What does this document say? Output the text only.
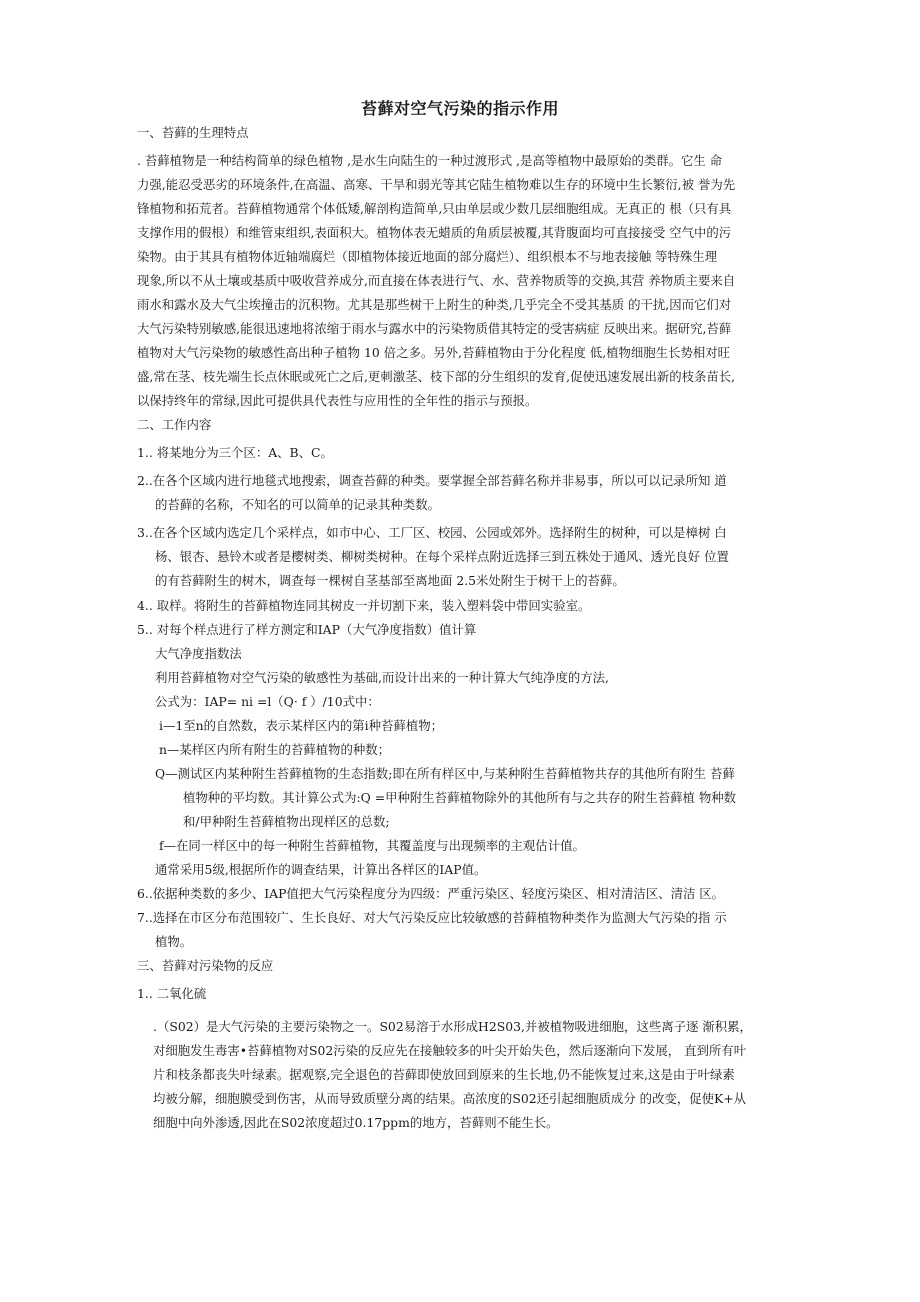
苔藓对空气污染的指示作用
一、苔藓的生理特点
. 苔藓植物是一种结构简单的绿色植物 ,是水生向陆生的一种过渡形式 ,是高等植物中最原始的类群。它生 命
力强,能忍受恶劣的环境条件,在高温、高寒、干旱和弱光等其它陆生植物难以生存的环境中生长繁衍,被 誉为先
锋植物和拓荒者。苔藓植物通常个体低矮,解剖构造简单,只由单层或少数几层细胞组成。无真正的 根（只有具
支撑作用的假根）和维管束组织,表面积大。植物体表无蜡质的角质层被覆,其背腹面均可直接接受 空气中的污
染物。由于其具有植物体近轴端腐烂（即植物体接近地面的部分腐烂）、组织根本不与地表接触 等特殊生理
现象,所以不从土壤或基质中吸收营养成分,而直接在体表进行气、水、营养物质等的交换,其营 养物质主要来自
雨水和露水及大气尘埃撞击的沉积物。尤其是那些树干上附生的种类,几乎完全不受其基质 的干扰,因而它们对
大气污染特别敏感,能很迅速地将浓缩于雨水与露水中的污染物质借其特定的受害病症 反映出来。据研究,苔藓
植物对大气污染物的敏感性高出种子植物 10 倍之多。另外,苔藓植物由于分化程度 低,植物细胞生长势相对旺
盛,常在茎、枝先端生长点休眠或死亡之后,更刺激茎、枝下部的分生组织的发育,促使迅速发展出新的枝条苗长,
以保持终年的常绿,因此可提供具代表性与应用性的全年性的指示与预报。
二、工作内容
1.. 将某地分为三个区：A、B、C。
2..在各个区域内进行地毯式地搜索，调查苔藓的种类。要掌握全部苔藓名称并非易事，所以可以记录所知 道
的苔藓的名称，不知名的可以简单的记录其种类数。
3..在各个区域内选定几个采样点，如市中心、工厂区、校园、公园或郊外。选择附生的树种，可以是樟树 白
杨、银杏、悬铃木或者是樱树类、柳树类树种。在每个采样点附近选择三到五株处于通风、透光良好 位置
的有苔藓附生的树木，调查每一棵树自茎基部至离地面 2.5米处附生于树干上的苔藓。
4.. 取样。将附生的苔藓植物连同其树皮一并切割下来，装入塑料袋中带回实验室。
5.. 对每个样点进行了样方测定和IAP（大气净度指数）值计算
大气净度指数法
利用苔藓植物对空气污染的敏感性为基础,而设计出来的一种计算大气纯净度的方法,
公式为：IAP= ni =l（Q· f ）/10式中：
i—1至n的自然数，表示某样区内的第i种苔藓植物；
n—某样区内所有附生的苔藓植物的种数；
Q—测试区内某种附生苔藓植物的生态指数;即在所有样区中,与某种附生苔藓植物共存的其他所有附生 苔藓
植物种的平均数。其计算公式为:Q =甲种附生苔藓植物除外的其他所有与之共存的附生苔藓植 物种数
和/甲种附生苔藓植物出现样区的总数;
f—在同一样区中的每一种附生苔藓植物，其覆盖度与出现频率的主观估计值。
通常采用5级,根据所作的调查结果，计算出各样区的IAP值。
6..依据种类数的多少、IAP值把大气污染程度分为四级：严重污染区、轻度污染区、相对清洁区、清洁 区。
7..选择在市区分布范围较广、生长良好、对大气污染反应比较敏感的苔藓植物种类作为监测大气污染的指 示
植物。
三、苔藓对污染物的反应
1.. 二氧化硫
.（S02）是大气污染的主要污染物之一。S02易溶于水形成H2S03,并被植物吸进细胞，这些离子逐 渐积累，
对细胞发生毒害•苔藓植物对S02污染的反应先在接触较多的叶尖开始失色，然后逐渐向下发展， 直到所有叶
片和枝条都丧失叶绿素。据观察,完全退色的苔藓即使放回到原来的生长地,仍不能恢复过来,这是由于叶绿素
均被分解，细胞膜受到伤害，从而导致质壁分离的结果。高浓度的S02还引起细胞质成分 的改变，促使K+从
细胞中向外渗透,因此在S02浓度超过0.17ppm的地方，苔藓则不能生长。
